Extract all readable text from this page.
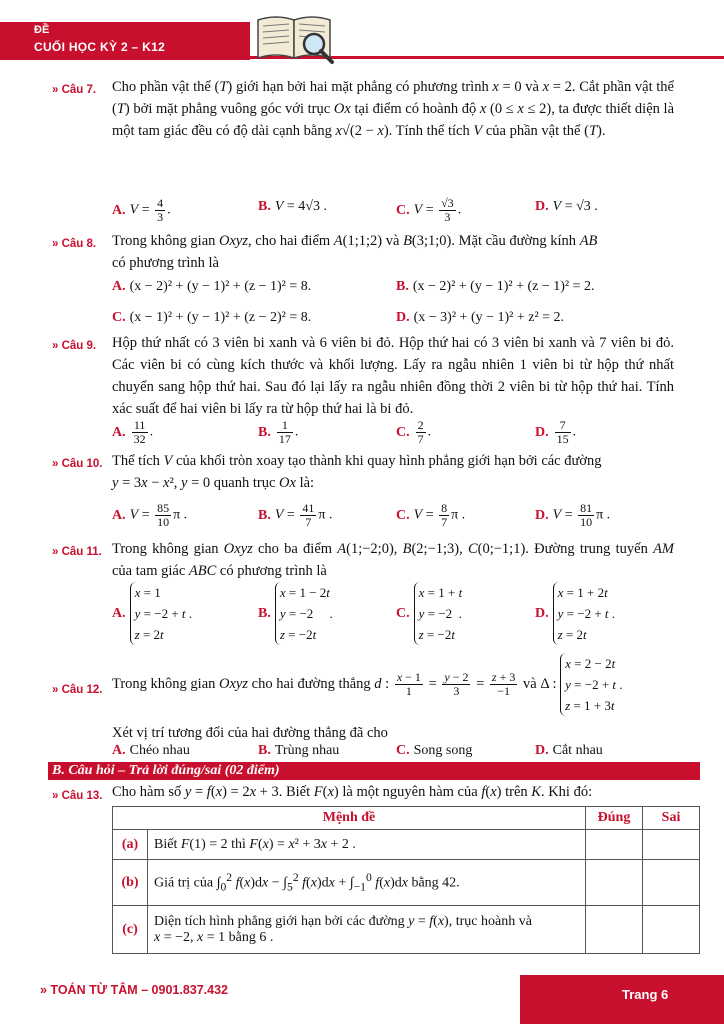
ĐỀ
CUỐI HỌC KỲ 2 – K12
» Câu 7. Cho phần vật thể (T) giới hạn bởi hai mặt phẳng có phương trình x = 0 và x = 2. Cắt phần vật thể (T) bởi mặt phẳng vuông góc với trục Ox tại điểm có hoành độ x (0 ≤ x ≤ 2), ta được thiết diện là một tam giác đều có độ dài cạnh bằng x√(2 − x). Tính thể tích V của phần vật thể (T).
A. $V = \frac{4}{3}$ .	B. V = 4√3 .	C. $V = \frac{√3}{3}$ .	D. V = √3 .
» Câu 8. Trong không gian Oxyz, cho hai điểm A(1;1;2) và B(3;1;0). Mặt cầu đường kính AB
có phương trình là
A. (x − 2)² + (y − 1)² + (z − 1)² = 8.	B. (x − 2)² + (y − 1)² + (z − 1)² = 2.
C. (x − 1)² + (y − 1)² + (z − 2)² = 8.	D. (x − 3)² + (y − 1)² + z² = 2.
» Câu 9. Hộp thứ nhất có 3 viên bi xanh và 6 viên bi đỏ. Hộp thứ hai có 3 viên bi xanh và 7 viên bi đỏ. Các viên bi có cùng kích thước và khối lượng. Lấy ra ngẫu nhiên 1 viên bi từ hộp thứ nhất chuyển sang hộp thứ hai. Sau đó lại lấy ra ngẫu nhiên đồng thời 2 viên bi từ hộp thứ hai. Tính xác suất để hai viên bi lấy ra từ hộp thứ hai là bi đỏ.
A. $\frac{11}{32}$ .	B. $\frac{1}{17}$ .	C. $\frac{2}{7}$ .	D. $\frac{7}{15}$ .
» Câu 10. Thể tích V của khối tròn xoay tạo thành khi quay hình phẳng giới hạn bởi các đường
y = 3x − x², y = 0 quanh trục Ox là:
A. $V = \frac{85}{10}$ π .	B. $V = \frac{41}{7}$ π .	C. $V = \frac{8}{7}$ π .	D. $V = \frac{81}{10}$ π .
» Câu 11. Trong không gian Oxyz cho ba điểm A(1;−2;0), B(2;−1;3), C(0;−1;1). Đường trung tuyến AM của tam giác ABC có phương trình là
A.x = 1
y = −2 + t .
z = 2t
B.x = 1 − 2t
y = −2     .
z = −2t
C.x = 1 + t
y = −2  .
z = −2t
D.x = 1 + 2t
y = −2 + t .
z = 2t
» Câu 12. Trong không gian Oxyz cho hai đường thẳng d : $\frac{x - 1}{1} = \frac{y - 2}{3} = \frac{z + 3}{-1}$ và Δ : x = 2 − 2t
y = −2 + t .
z = 1 + 3t
Xét vị trí tương đối của hai đường thẳng đã cho
A. Chéo nhau	B. Trùng nhau	C. Song song	D. Cắt nhau
B. Câu hỏi – Trả lời đúng/sai (02 điểm)
» Câu 13. Cho hàm số y = f(x) = 2x + 3. Biết F(x) là một nguyên hàm của f(x) trên K. Khi đó:
Mệnh đề		Đúng	Sai
(a)	Biết F(1) = 2 thì F(x) = x² + 3x + 2 .		
(b)	Giá trị của $\int_0^2$ $f(x)dx - \int_5^2$ $f(x)dx + \int_{-1}^0$ f(x)dx bằng 42.		
(c)	Diện tích hình phẳng giới hạn bởi các đường y = f(x), trục hoành và
x = −2, x = 1 bằng 6 .		
» TOÁN TỪ TÂM – 0901.837.432	Trang 6
